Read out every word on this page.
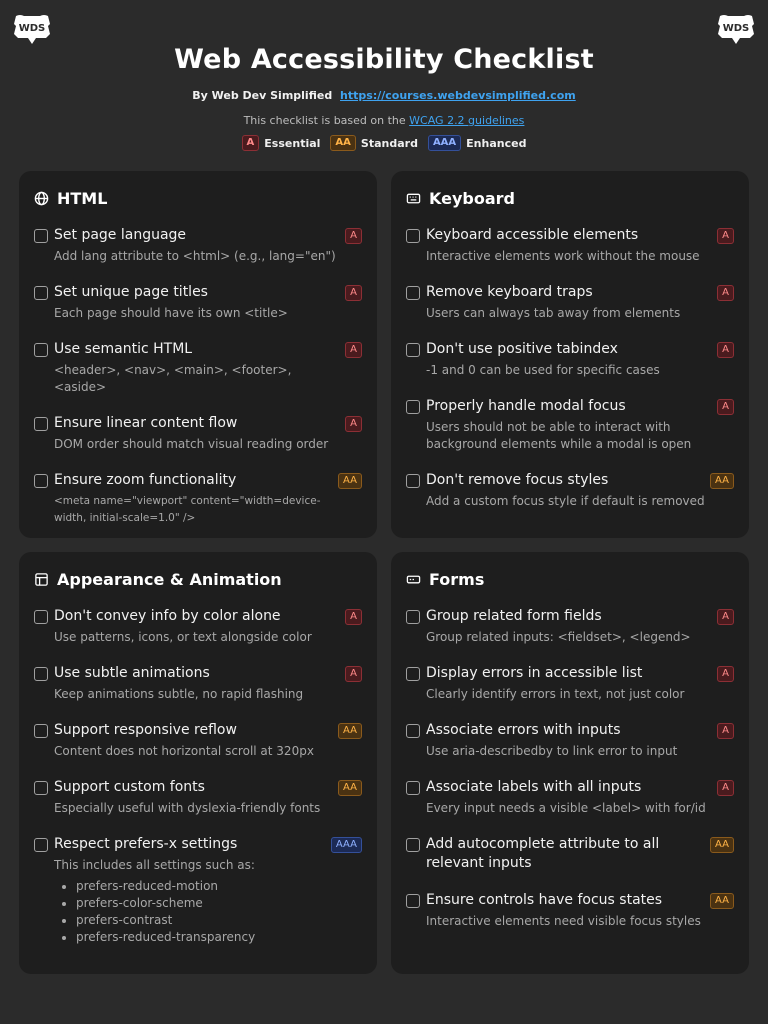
WDS	WDS
Web Accessibility Checklist
By Web Dev Simplified https://courses.webdevsimplified.com
This checklist is based on the WCAG 2.2 guidelines
A Essential	AA Standard	AAA Enhanced
HTML
Set page language
Add lang attribute to <html> (e.g., lang="en")
A
Set unique page titles
Each page should have its own <title>
A
Use semantic HTML
<header>, <nav>, <main>, <footer>, <aside>
A
Ensure linear content flow
DOM order should match visual reading order
A
Ensure zoom functionality
<meta name="viewport" content="width=device-width, initial-scale=1.0" />
AA
Keyboard
Keyboard accessible elements
Interactive elements work without the mouse
A
Remove keyboard traps
Users can always tab away from elements
A
Don't use positive tabindex
-1 and 0 can be used for specific cases
A
Properly handle modal focus
Users should not be able to interact with background elements while a modal is open
A
Don't remove focus styles
Add a custom focus style if default is removed
AA
Appearance & Animation
Don't convey info by color alone
Use patterns, icons, or text alongside color
A
Use subtle animations
Keep animations subtle, no rapid flashing
A
Support responsive reflow
Content does not horizontal scroll at 320px
AA
Support custom fonts
Especially useful with dyslexia-friendly fonts
AA
Respect prefers-x settings
This includes all settings such as:
• prefers-reduced-motion
• prefers-color-scheme
• prefers-contrast
• prefers-reduced-transparency
AAA
Forms
Group related form fields
Group related inputs: <fieldset>, <legend>
A
Display errors in accessible list
Clearly identify errors in text, not just color
A
Associate errors with inputs
Use aria-describedby to link error to input
A
Associate labels with all inputs
Every input needs a visible <label> with for/id
A
Add autocomplete attribute to all relevant inputs
AA
Ensure controls have focus states
Interactive elements need visible focus styles
AA
